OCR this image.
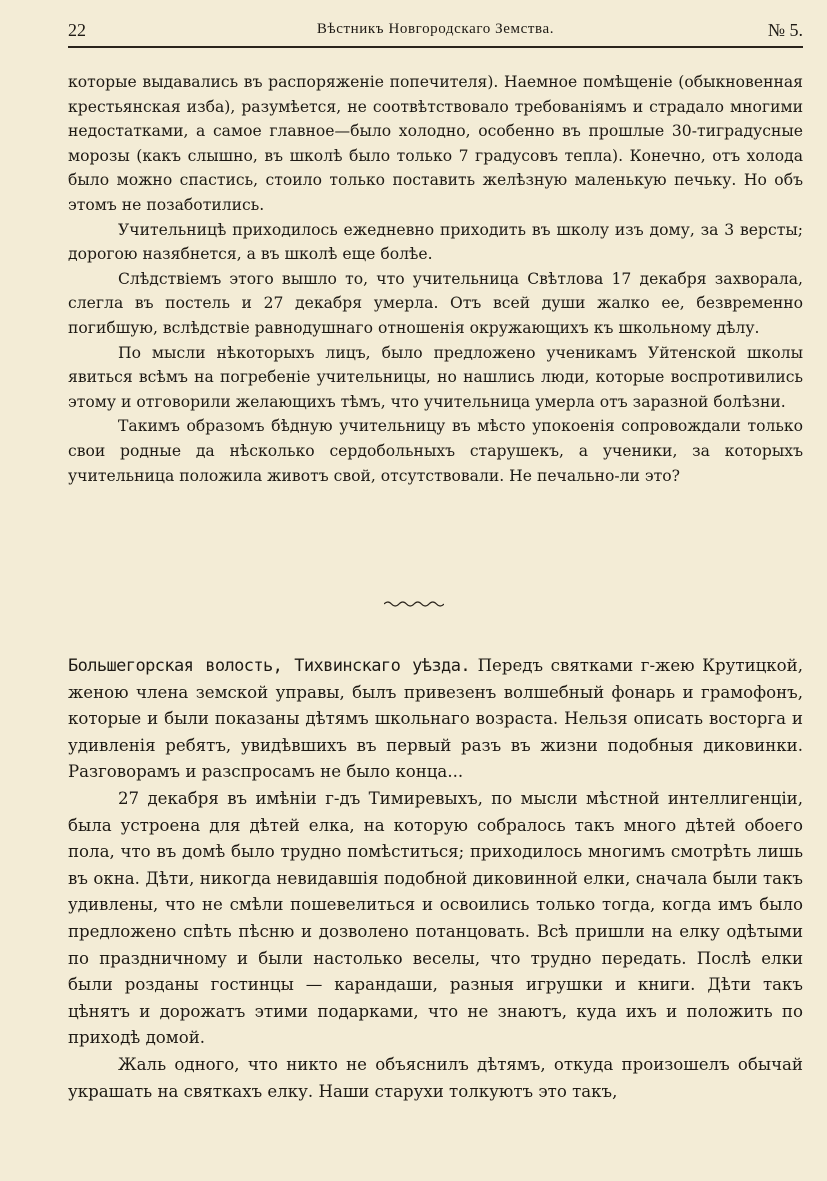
22	Вѣстникъ Новгородскаго Земства.	№ 5.

которые выдавались въ распоряженіе попечителя). Наемное помѣщеніе (обыкновенная крестьянская изба), разумѣется, не соотвѣтствовало требованіямъ и страдало многими недостатками, а самое главное—было холодно, особенно въ прошлые 30-тиградусные морозы (какъ слышно, въ школѣ было только 7 градусовъ тепла). Конечно, отъ холода было можно спастись, стоило только поставить желѣзную маленькую печьку. Но объ этомъ не позаботились.

Учительницѣ приходилось ежедневно приходить въ школу изъ дому, за 3 версты; дорогою назябнется, а въ школѣ еще болѣе.

Слѣдствіемъ этого вышло то, что учительница Свѣтлова 17 декабря захворала, слегла въ постель и 27 декабря умерла. Отъ всей души жалко ее, безвременно погибшую, вслѣдствіе равнодушнаго отношенія окружающихъ къ школьному дѣлу.

По мысли нѣкоторыхъ лицъ, было предложено ученикамъ Уйтенской школы явиться всѣмъ на погребеніе учительницы, но нашлись люди, которые воспротивились этому и отговорили желающихъ тѣмъ, что учительница умерла отъ заразной болѣзни.

Такимъ образомъ бѣдную учительницу въ мѣсто упокоенія сопровождали только свои родные да нѣсколько сердобольныхъ старушекъ, а ученики, за которыхъ учительница положила животъ свой, отсутствовали. Не печально-ли это?

Большегорская волость, Тихвинскаго уѣзда. Передъ святками г-жею Крутицкой, женою члена земской управы, былъ привезенъ волшебный фонарь и грамофонъ, которые и были показаны дѣтямъ школьнаго возраста. Нельзя описать восторга и удивленія ребятъ, увидѣвшихъ въ первый разъ въ жизни подобныя диковинки. Разговорамъ и разспросамъ не было конца...

27 декабря въ имѣніи г-дъ Тимиревыхъ, по мысли мѣстной интеллигенціи, была устроена для дѣтей елка, на которую собралось такъ много дѣтей обоего пола, что въ домѣ было трудно помѣститься; приходилось многимъ смотрѣть лишь въ окна. Дѣти, никогда невидавшія подобной диковинной елки, сначала были такъ удивлены, что не смѣли пошевелиться и освоились только тогда, когда имъ было предложено спѣть пѣсню и дозволено потанцовать. Всѣ пришли на елку одѣтыми по праздничному и были настолько веселы, что трудно передать. Послѣ елки были розданы гостинцы — карандаши, разныя игрушки и книги. Дѣти такъ цѣнятъ и дорожатъ этими подарками, что не знаютъ, куда ихъ и положить по приходѣ домой.

Жаль одного, что никто не объяснилъ дѣтямъ, откуда произошелъ обычай украшать на святкахъ елку. Наши старухи толкуютъ это такъ,
